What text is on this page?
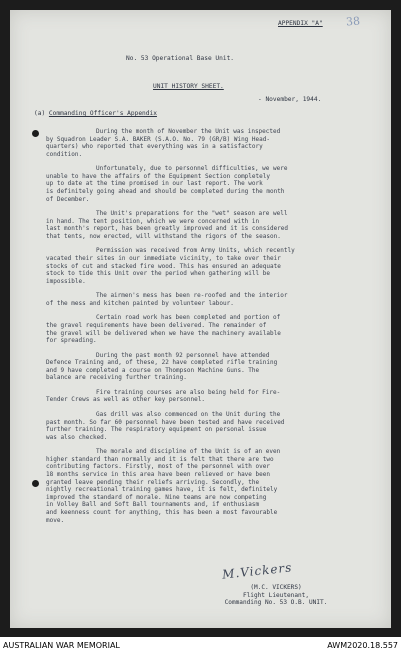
38
APPENDIX "A"
No. 53 Operational Base Unit.
UNIT HISTORY SHEET.
- November, 1944.
(a) Commanding Officer's Appendix

During the month of November the Unit was inspected
by Squadron Leader S.A. BAKER (S.A.O. No. 79 (GR/B) Wing Head-
quarters) who reported that everything was in a satisfactory
condition.

Unfortunately, due to personnel difficulties, we were
unable to have the affairs of the Equipment Section completely
up to date at the time promised in our last report. The work
is definitely going ahead and should be completed during the month
of December.

The Unit's preparations for the "wet" season are well
in hand. The tent position, which we were concerned with in
last month's report, has been greatly improved and it is considered
that tents, now erected, will withstand the rigors of the season.

Permission was received from Army Units, which recently
vacated their sites in our immediate vicinity, to take over their
stocks of cut and stacked fire wood. This has ensured an adequate
stock to tide this Unit over the period when gathering will be
impossible.

The airmen's mess has been re-roofed and the interior
of the mess and kitchen painted by volunteer labour.

Certain road work has been completed and portion of
the gravel requirements have been delivered. The remainder of
the gravel will be delivered when we have the machinery available
for spreading.

During the past month 92 personnel have attended
Defence Training and, of these, 22 have completed rifle training
and 9 have completed a course on Thompson Machine Guns. The
balance are receiving further training.

Fire training courses are also being held for Fire-
Tender Crews as well as other key personnel.

Gas drill was also commenced on the Unit during the
past month. So far 60 personnel have been tested and have received
further training. The respiratory equipment on personal issue
was also checked.

The morale and discipline of the Unit is of an even
higher standard than normally and it is felt that there are two
contributing factors. Firstly, most of the personnel with over
18 months service in this area have been relieved or have been
granted leave pending their reliefs arriving. Secondly, the
nightly recreational training games have, it is felt, definitely
improved the standard of morale. Nine teams are now competing
in Volley Ball and Soft Ball tournaments and, if enthusiasm
and keenness count for anything, this has been a most favourable
move.

M.Vickers
(M.C. VICKERS)
Flight Lieutenant,
Commanding No. 53 O.B. UNIT.
AUSTRALIAN WAR MEMORIAL	AWM2020.18.557
